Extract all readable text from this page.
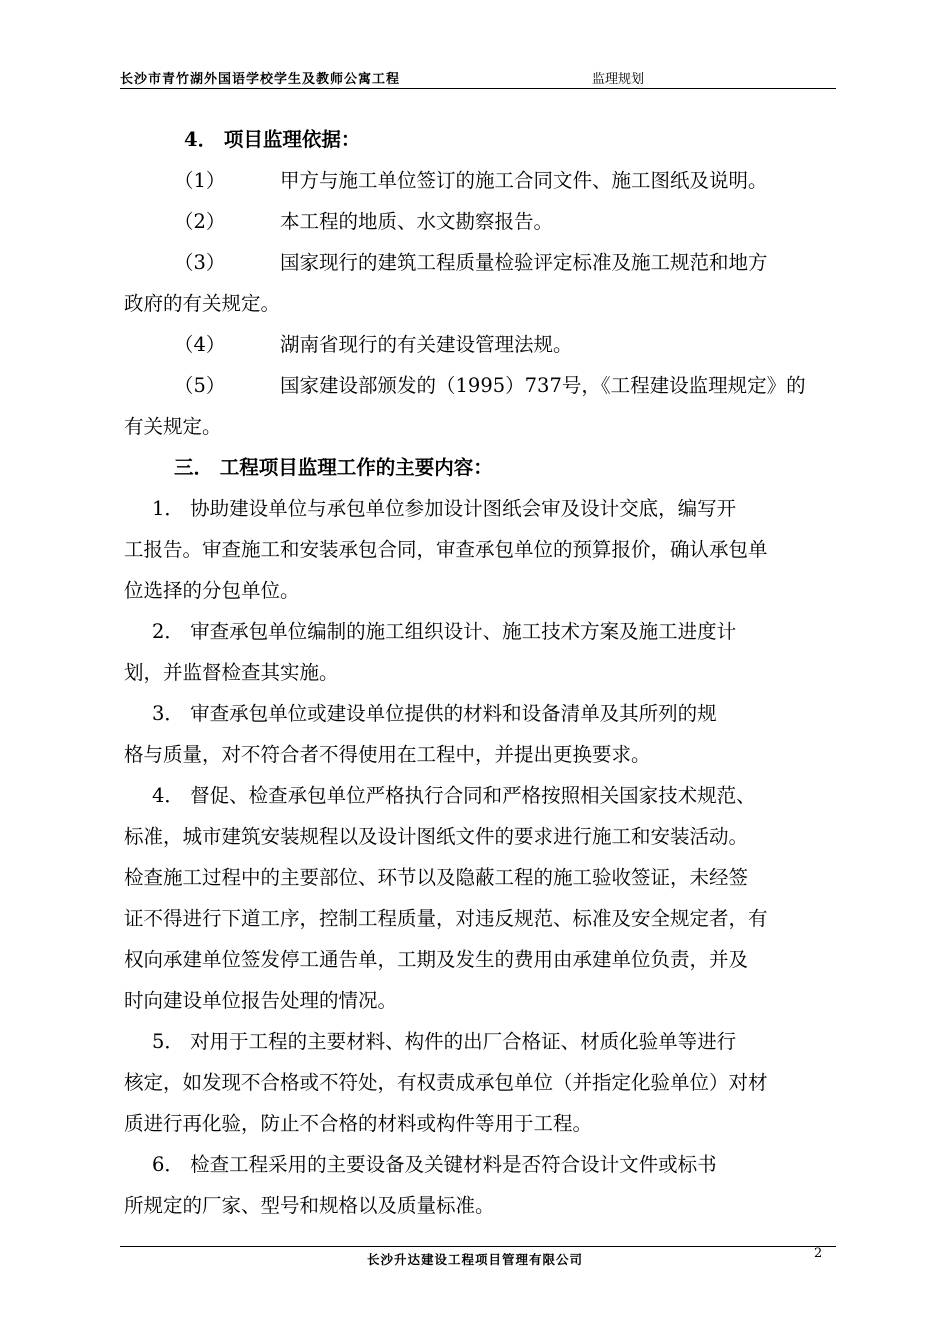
长沙市青竹湖外国语学校学生及教师公寓工程	监理规划
4． 项目监理依据：
（1）	甲方与施工单位签订的施工合同文件、施工图纸及说明。
（2）	本工程的地质、水文勘察报告。
（3）	国家现行的建筑工程质量检验评定标准及施工规范和地方
政府的有关规定。
（4）	湖南省现行的有关建设管理法规。
（5）	国家建设部颁发的（1995）737号，《工程建设监理规定》的
有关规定。
三． 工程项目监理工作的主要内容：
1． 协助建设单位与承包单位参加设计图纸会审及设计交底，编写开
工报告。审查施工和安装承包合同，审查承包单位的预算报价，确认承包单
位选择的分包单位。
2． 审查承包单位编制的施工组织设计、施工技术方案及施工进度计
划，并监督检查其实施。
3． 审查承包单位或建设单位提供的材料和设备清单及其所列的规
格与质量，对不符合者不得使用在工程中，并提出更换要求。
4． 督促、检查承包单位严格执行合同和严格按照相关国家技术规范、
标准，城市建筑安装规程以及设计图纸文件的要求进行施工和安装活动。
检查施工过程中的主要部位、环节以及隐蔽工程的施工验收签证，未经签
证不得进行下道工序，控制工程质量，对违反规范、标准及安全规定者，有
权向承建单位签发停工通告单，工期及发生的费用由承建单位负责，并及
时向建设单位报告处理的情况。
5． 对用于工程的主要材料、构件的出厂合格证、材质化验单等进行
核定，如发现不合格或不符处，有权责成承包单位（并指定化验单位）对材
质进行再化验，防止不合格的材料或构件等用于工程。
6． 检查工程采用的主要设备及关键材料是否符合设计文件或标书
所规定的厂家、型号和规格以及质量标准。
长沙升达建设工程项目管理有限公司	2
